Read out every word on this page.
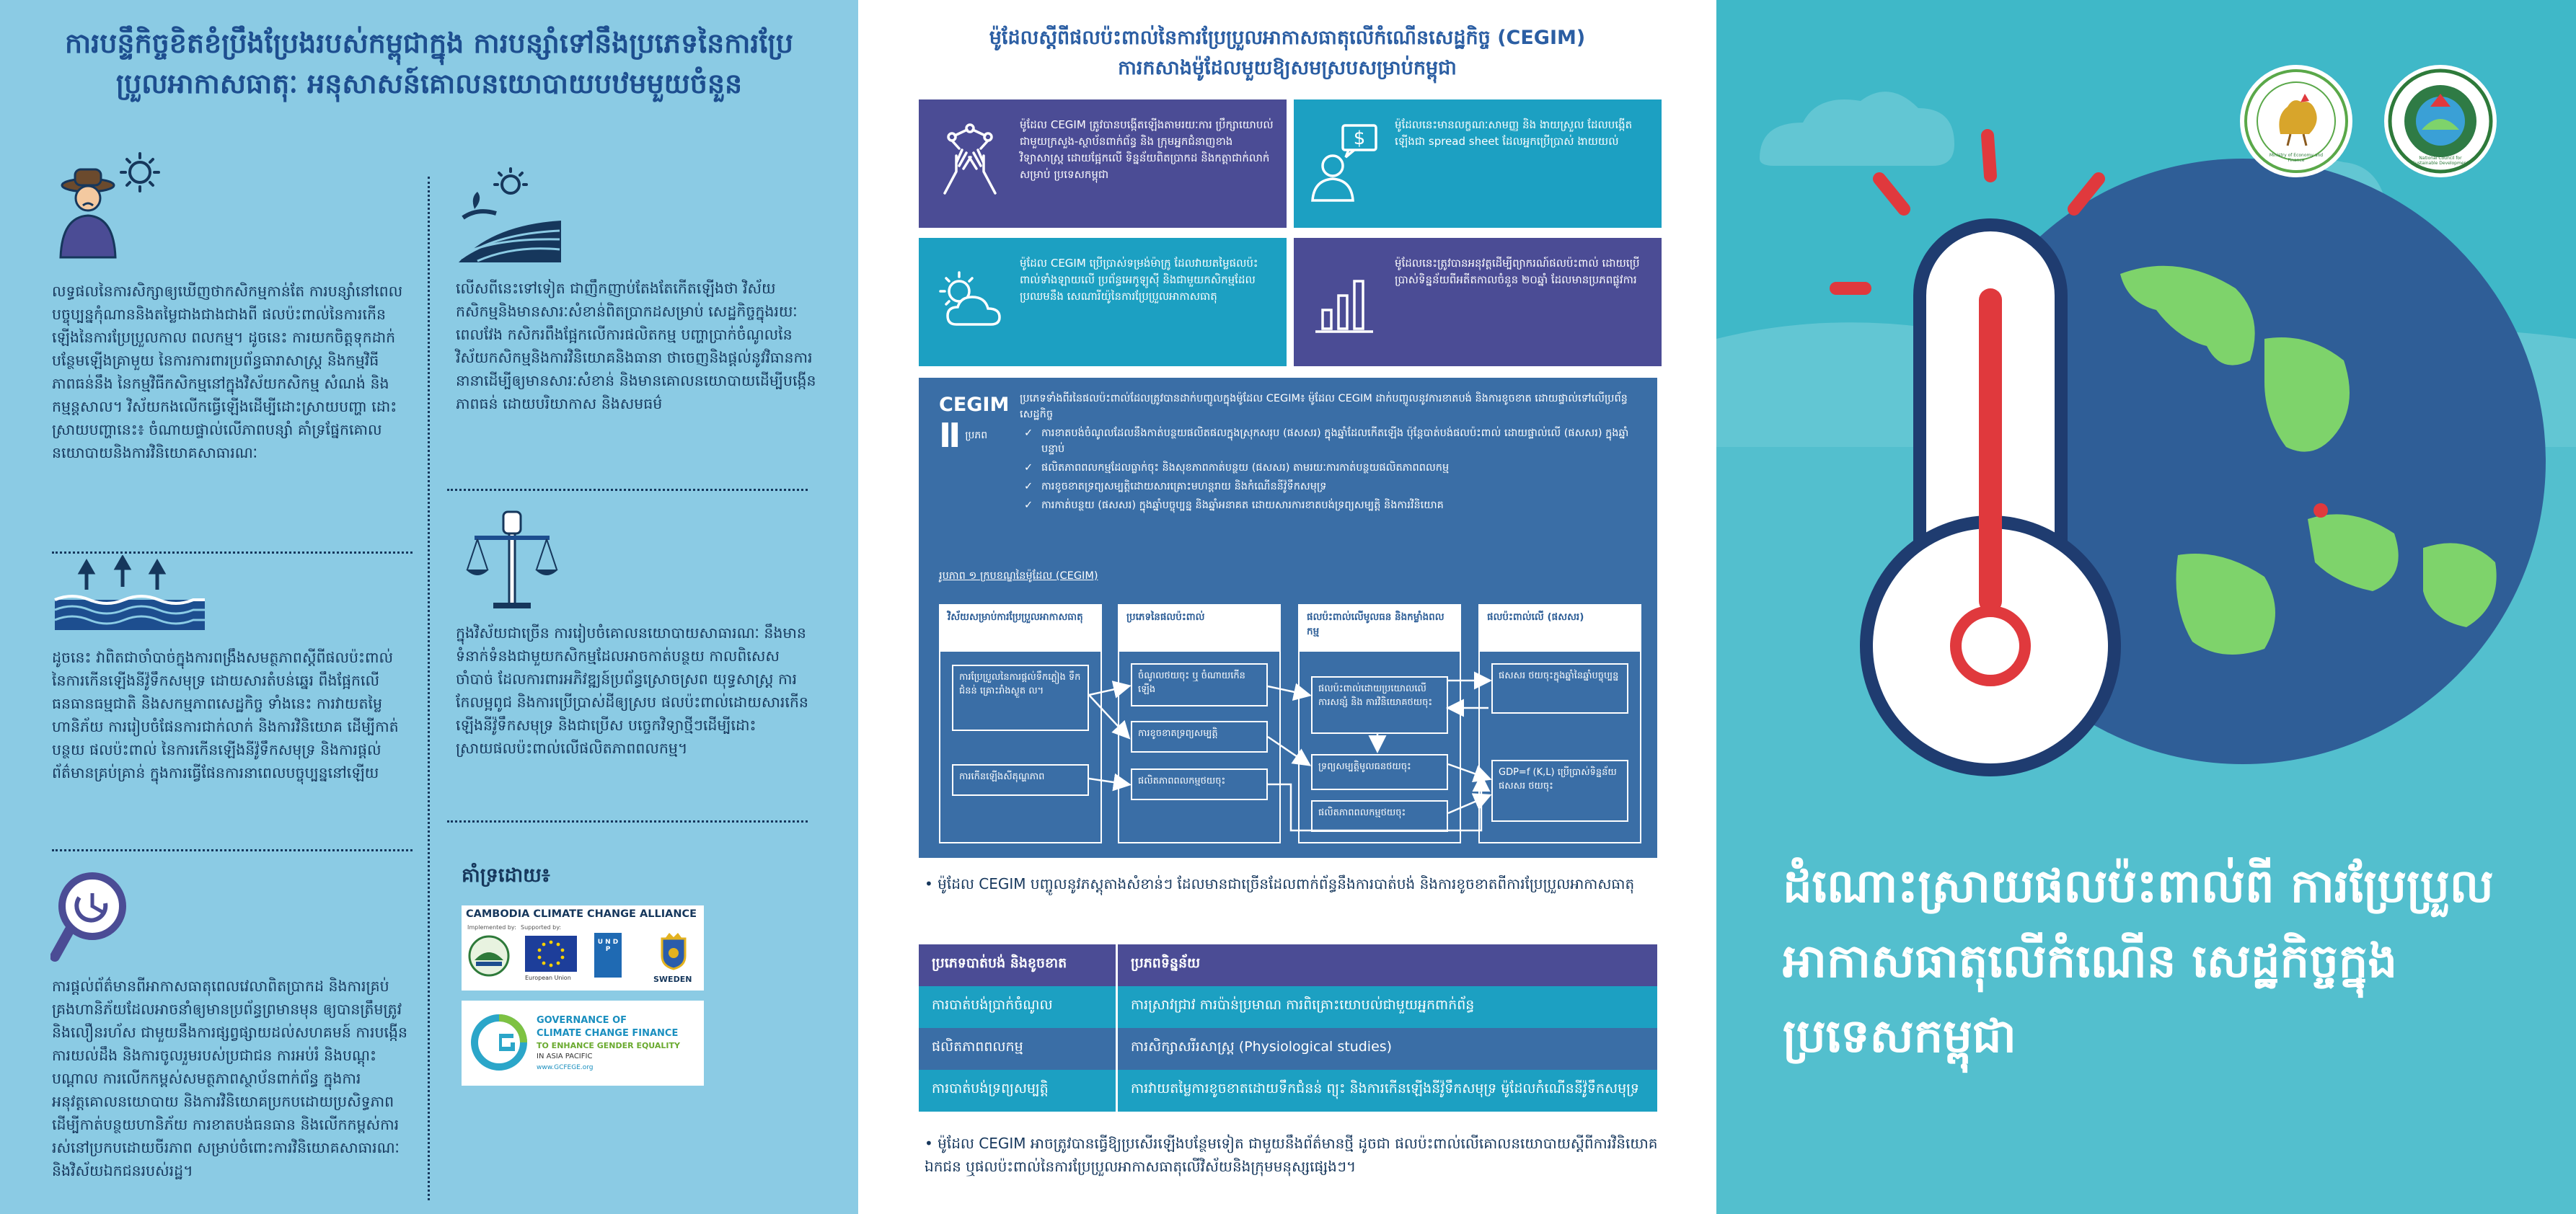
ការបន្ទឹកិច្ចខិតខំប្រឹងប្រែងរបស់កម្ពុជាក្នុង ការបន្សាំទៅនឹងប្រភេទនៃការប្រែប្រួលអាកាសធាតុៈ អនុសាសន៍គោលនយោបាយបឋមមួយចំនួន
លទ្ធផលនៃការសិក្សាឲ្យឃើញថាកសិកម្មកាន់តែ ការបន្សាំនៅពេលបច្ចុប្បន្នកុំណាននិងតម្លៃជាងជាងជាងពី ផលប៉ះពាល់នៃការកើនឡើងនៃការប្រែប្រួលកាល ពលកម្ម។ ដូចនេះ ការយកចិត្តទុកដាក់បន្ថែមឡើងគ្រាមួយ នៃការការពារប្រព័ន្ធធារាសាស្ត្រ និងកម្មវិធីភាពធន់នឹង នៃកម្មវិធីកសិកម្មនៅក្នុងវិស័យកសិកម្ម សំណង់ និង កម្មន្តសាល។ វិស័យកងលើកធ្វើឡើងដើម្បីដោះស្រាយបញ្ហា ដោះស្រាយបញ្ហានេះ៖ ចំណាយផ្ទាល់លើភាពបន្សាំ គាំទ្រផ្នែកគោលនយោបាយនិងការវិនិយោគសាធារណៈ
ដូចនេះ វាពិតជាចាំបាច់ក្នុងការពង្រឹងសមត្ថភាពស្ដីពីផលប៉ះពាល់នៃការកើនឡើងនីវ៉ូទឹកសមុទ្រ ដោយសារតំបន់ឆ្នេរ ពឹងផ្អែកលើធនធានធម្មជាតិ និងសកម្មភាពសេដ្ឋកិច្ច ទាំងនេះ ការវាយតម្លៃ ហានិភ័យ ការរៀបចំផែនការជាក់លាក់ និងការវិនិយោគ ដើម្បីកាត់បន្ថយ ផលប៉ះពាល់ នៃការកើនឡើងនីវ៉ូទឹកសមុទ្រ និងការផ្ដល់ព័ត៌មានគ្រប់គ្រាន់ ក្នុងការធ្វើផែនការនាពេលបច្ចុប្បន្ននៅឡើយ
ការផ្ដល់ព័ត៌មានពីអាកាសធាតុពេលវេលាពិតប្រាកដ និងការគ្រប់គ្រងហានិភ័យដែលអាចនាំឲ្យមានប្រព័ន្ធព្រមានមុន ឲ្យបានត្រឹមត្រូវ និងលឿនរហ័ស ជាមួយនឹងការផ្សព្វផ្សាយដល់សហគមន៍ ការបង្កើនការយល់ដឹង និងការចូលរួមរបស់ប្រជាជន ការអប់រំ និងបណ្ដុះបណ្ដាល ការលើកកម្ពស់សមត្ថភាពស្ថាប័នពាក់ព័ន្ធ ក្នុងការអនុវត្តគោលនយោបាយ និងការវិនិយោគប្រកបដោយប្រសិទ្ធភាព ដើម្បីកាត់បន្ថយហានិភ័យ ការខាតបង់ធនធាន និងលើកកម្ពស់ការរស់នៅប្រកបដោយចីរភាព សម្រាប់ចំពោះការវិនិយោគសាធារណៈ និងវិស័យឯកជនរបស់រដ្ឋ។
លើសពីនេះទៅទៀត ជាញឹកញាប់តែងតែកើតឡើងថា វិស័យកសិកម្មនិងមានសារៈសំខាន់ពិតប្រាកដសម្រាប់ សេដ្ឋកិច្ចក្នុងរយៈពេលវែង កសិករពឹងផ្អែកលើការផលិតកម្ម បញ្ហាប្រាក់ចំណូលនៃវិស័យកសិកម្មនិងការវិនិយោគនិងធានា ថាចេញនិងផ្ដល់នូវវិធានការនានាដើម្បីឲ្យមានសារៈសំខាន់ និងមានគោលនយោបាយដើម្បីបង្កើនភាពធន់ ដោយបរិយាកាស និងសមធម៌
ក្នុងវិស័យជាច្រើន ការរៀបចំគោលនយោបាយសាធារណៈ នឹងមានទំនាក់ទំនងជាមួយកសិកម្មដែលអាចកាត់បន្ថយ កាលពិសេសចាំបាច់ ដែលការពារអភិវឌ្ឍន៍ប្រព័ន្ធស្រោចស្រព យុទ្ធសាស្ត្រ ការកែលម្អពូជ និងការប្រើប្រាស់ដីឲ្យស្រប ផលប៉ះពាល់ដោយសារកើនឡើងនីវ៉ូទឹកសមុទ្រ និងជាប្រើស បច្ចេកវិទ្យាថ្មីៗដើម្បីដោះស្រាយផលប៉ះពាល់លើផលិតភាពពលកម្ម។
គាំទ្រដោយ៖
CAMBODIA CLIMATE CHANGE ALLIANCE
Implemented by: Supported by:
European Union
U N D P
SWEDEN
GOVERNANCE OF
CLIMATE CHANGE FINANCE
TO ENHANCE GENDER EQUALITY
IN ASIA PACIFIC
www.GCFEGE.org
ម៉ូដែលស្ដីពីផលប៉ះពាល់នៃការប្រែប្រួលអាកាសធាតុលើកំណើនសេដ្ឋកិច្ច (CEGIM)
ការកសាងម៉ូដែលមួយឱ្យសមស្របសម្រាប់កម្ពុជា
ម៉ូដែល CEGIM ត្រូវបានបង្កើតឡើងតាមរយៈការ ប្រឹក្សាយោបល់ជាមួយក្រសួង-ស្ថាប័នពាក់ព័ន្ធ និង ក្រុមអ្នកជំនាញខាងវិទ្យាសាស្ត្រ ដោយផ្អែកលើ ទិន្នន័យពិតប្រាកដ និងកត្តាជាក់លាក់សម្រាប់ ប្រទេសកម្ពុជា
$
ម៉ូដែលនេះមានលក្ខណៈសាមញ្ញ និង ងាយស្រួល ដែលបង្កើតឡើងជា spread sheet ដែលអ្នកប្រើប្រាស់ ងាយយល់
ម៉ូដែល CEGIM ប្រើប្រាស់ទម្រង់ម៉ាក្រូ ដែលវាយតម្លៃផលប៉ះពាល់ទាំងឡាយលើ ប្រព័ន្ធអេកូឡូស៊ី និងជាមួយកសិកម្មដែលប្រឈមនឹង សេណារីយ៉ូនៃការប្រែប្រួលអាកាសធាតុ
ម៉ូដែលនេះត្រូវបានអនុវត្តដើម្បីព្យាករណ៍ផលប៉ះពាល់ ដោយប្រើប្រាស់ទិន្នន័យពីអតីតកាលចំនួន ២០ឆ្នាំ ដែលមានប្រភពផ្លូវការ
CEGIM
Ⅱ ប្រភព
ប្រភេទទាំងពីរនៃផលប៉ះពាល់ដែលត្រូវបានដាក់បញ្ចូលក្នុងម៉ូដែល CEGIM៖ ម៉ូដែល CEGIM ដាក់បញ្ចូលនូវការខាតបង់ និងការខូចខាត ដោយផ្ទាល់ទៅលើប្រព័ន្ធសេដ្ឋកិច្ច
✓ ការខាតបង់ចំណូលដែលនឹងកាត់បន្ថយផលិតផលក្នុងស្រុកសរុប (ផសសរ) ក្នុងឆ្នាំដែលកើតឡើង ប៉ុន្តែបាត់បង់ផលប៉ះពាល់ ដោយផ្ទាល់លើ (ផសសរ) ក្នុងឆ្នាំបន្ទាប់
✓ ផលិតភាពពលកម្មដែលធ្លាក់ចុះ និងសុខភាពកាត់បន្ថយ (ផសសរ) តាមរយៈការកាត់បន្ថយផលិតភាពពលកម្ម
✓ ការខូចខាតទ្រព្យសម្បត្តិដោយសារគ្រោះមហន្តរាយ និងកំណើននីវ៉ូទឹកសមុទ្រ
✓ ការកាត់បន្ថយ (ផសសរ) ក្នុងឆ្នាំបច្ចុប្បន្ន និងឆ្នាំអនាគត ដោយសារការខាតបង់ទ្រព្យសម្បត្តិ និងការវិនិយោគ
រូបភាព ១ ក្របខណ្ឌនៃម៉ូដែល (CEGIM)
វិស័យសម្រាប់ការប្រែប្រួលអាកាសធាតុ
ការប្រែប្រួលនៃការផ្ដល់ទឹកភ្លៀង ទឹកជំនន់ គ្រោះរាំងស្ងួត ល។
ការកើនឡើងសីតុណ្ហភាព
ប្រភេទនៃផលប៉ះពាល់
ចំណូលថយចុះ ឬ ចំណាយកើនឡើង
ការខូចខាតទ្រព្យសម្បត្តិ
ផលិតភាពពលកម្មថយចុះ
ផលប៉ះពាល់លើមូលធន និងកម្លាំងពលកម្ម
ផលប៉ះពាល់ដោយប្រយោលលើ ការសន្សំ និង ការវិនិយោគថយចុះ
ទ្រព្យសម្បត្តិមូលធនថយចុះ
ផលិតភាពពលកម្មថយចុះ
ផលប៉ះពាល់លើ (ផសសរ)
ផសសរ ថយចុះក្នុងឆ្នាំនៃឆ្នាំបច្ចុប្បន្ន
GDP=f (K,L) ប្រើប្រាស់ទិន្នន័យ ផសសរ ថយចុះ
• ម៉ូដែល CEGIM បញ្ចូលនូវភស្តុតាងសំខាន់ៗ ដែលមានជាច្រើនដែលពាក់ព័ន្ធនឹងការបាត់បង់ និងការខូចខាតពីការប្រែប្រួលអាកាសធាតុ
ប្រភេទបាត់បង់ និងខូចខាត	ប្រភពទិន្នន័យ
ការបាត់បង់ប្រាក់ចំណូល	ការស្រាវជ្រាវ ការប៉ាន់ប្រមាណ ការពិគ្រោះយោបល់ជាមួយអ្នកពាក់ព័ន្ធ
ផលិតភាពពលកម្ម	ការសិក្សាសរីរសាស្ត្រ (Physiological studies)
ការបាត់បង់ទ្រព្យសម្បត្តិ	ការវាយតម្លៃការខូចខាតដោយទឹកជំនន់ ព្យុះ និងការកើនឡើងនីវ៉ូទឹកសមុទ្រ ម៉ូដែលកំណើននីវ៉ូទឹកសមុទ្រ
• ម៉ូដែល CEGIM អាចត្រូវបានធ្វើឱ្យប្រសើរឡើងបន្ថែមទៀត ជាមួយនឹងព័ត៌មានថ្មី ដូចជា ផលប៉ះពាល់លើគោលនយោបាយស្ដីពីការវិនិយោគឯកជន ឬផលប៉ះពាល់នៃការប្រែប្រួលអាកាសធាតុលើវិស័យនិងក្រុមមនុស្សផ្សេងៗ។
Ministry of Economy and Finance	National Council for Sustainable Development
ដំណោះស្រាយផលប៉ះពាល់ពី ការប្រែប្រួលអាកាសធាតុលើកំណើន សេដ្ឋកិច្ចក្នុងប្រទេសកម្ពុជា
